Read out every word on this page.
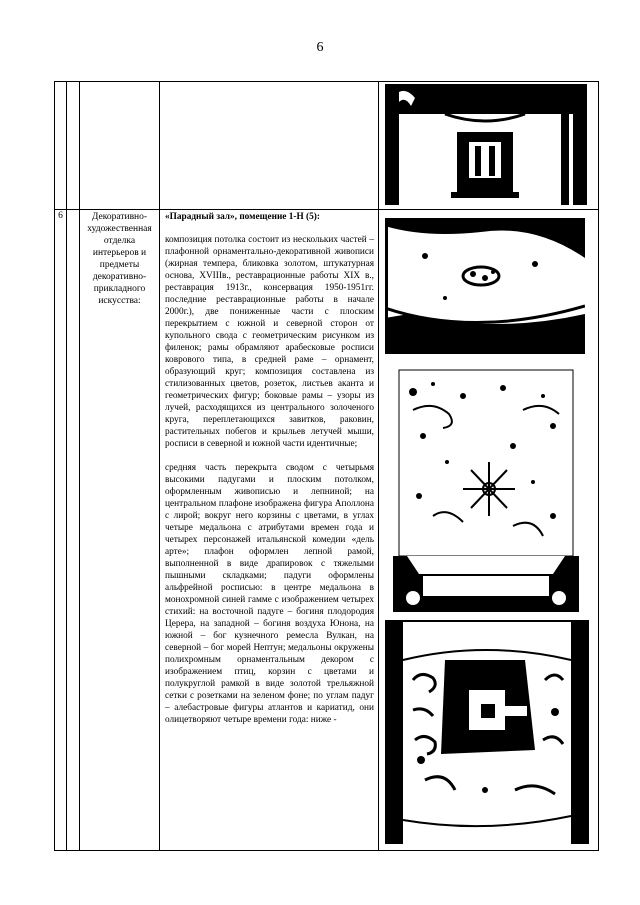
6

6		Декоративно-художественная отделка интерьеров и предметы декоративно-прикладного искусства:	«Парадный зал», помещение 1-Н (5):

композиция потолка состоит из нескольких частей – плафонной орнаментально-декоративной живописи (жирная темпера, бликовка золотом, штукатурная основа, XVIIIв., реставрационные работы XIX в., реставрация 1913г., консервация 1950-1951гг. последние реставрационные работы в начале 2000г.), две пониженные части с плоским перекрытием с южной и северной сторон от купольного свода с геометрическим рисунком из филенок; рамы обрамляют арабесковые росписи коврового типа, в средней раме – орнамент, образующий круг; композиция составлена из стилизованных цветов, розеток, листьев аканта и геометрических фигур; боковые рамы – узоры из лучей, расходящихся из центрального золоченого круга, переплетающихся завитков, раковин, растительных побегов и крыльев летучей мыши, росписи в северной и южной части идентичные;

средняя часть перекрыта сводом с четырьмя высокими падугами и плоским потолком, оформленным живописью и лепниной; на центральном плафоне изображена фигура Аполлона с лирой; вокруг него корзины с цветами, в углах четыре медальона с атрибутами времен года и четырех персонажей итальянской комедии «дель арте»; плафон оформлен лепной рамой, выполненной в виде драпировок с тяжелыми пышными складками; падуги оформлены альфрейной росписью: в центре медальона в монохромной синей гамме с изображением четырех стихий: на восточной падуге – богиня плодородия Церера, на западной – богиня воздуха Юнона, на южной – бог кузнечного ремесла Вулкан, на северной – бог морей Нептун; медальоны окружены полихромным орнаментальным декором с изображением птиц, корзин с цветами и полукруглой рамкой в виде золотой трельяжной сетки с розетками на зеленом фоне; по углам падуг – алебастровые фигуры атлантов и кариатид, они олицетворяют четыре времени года: ниже -
